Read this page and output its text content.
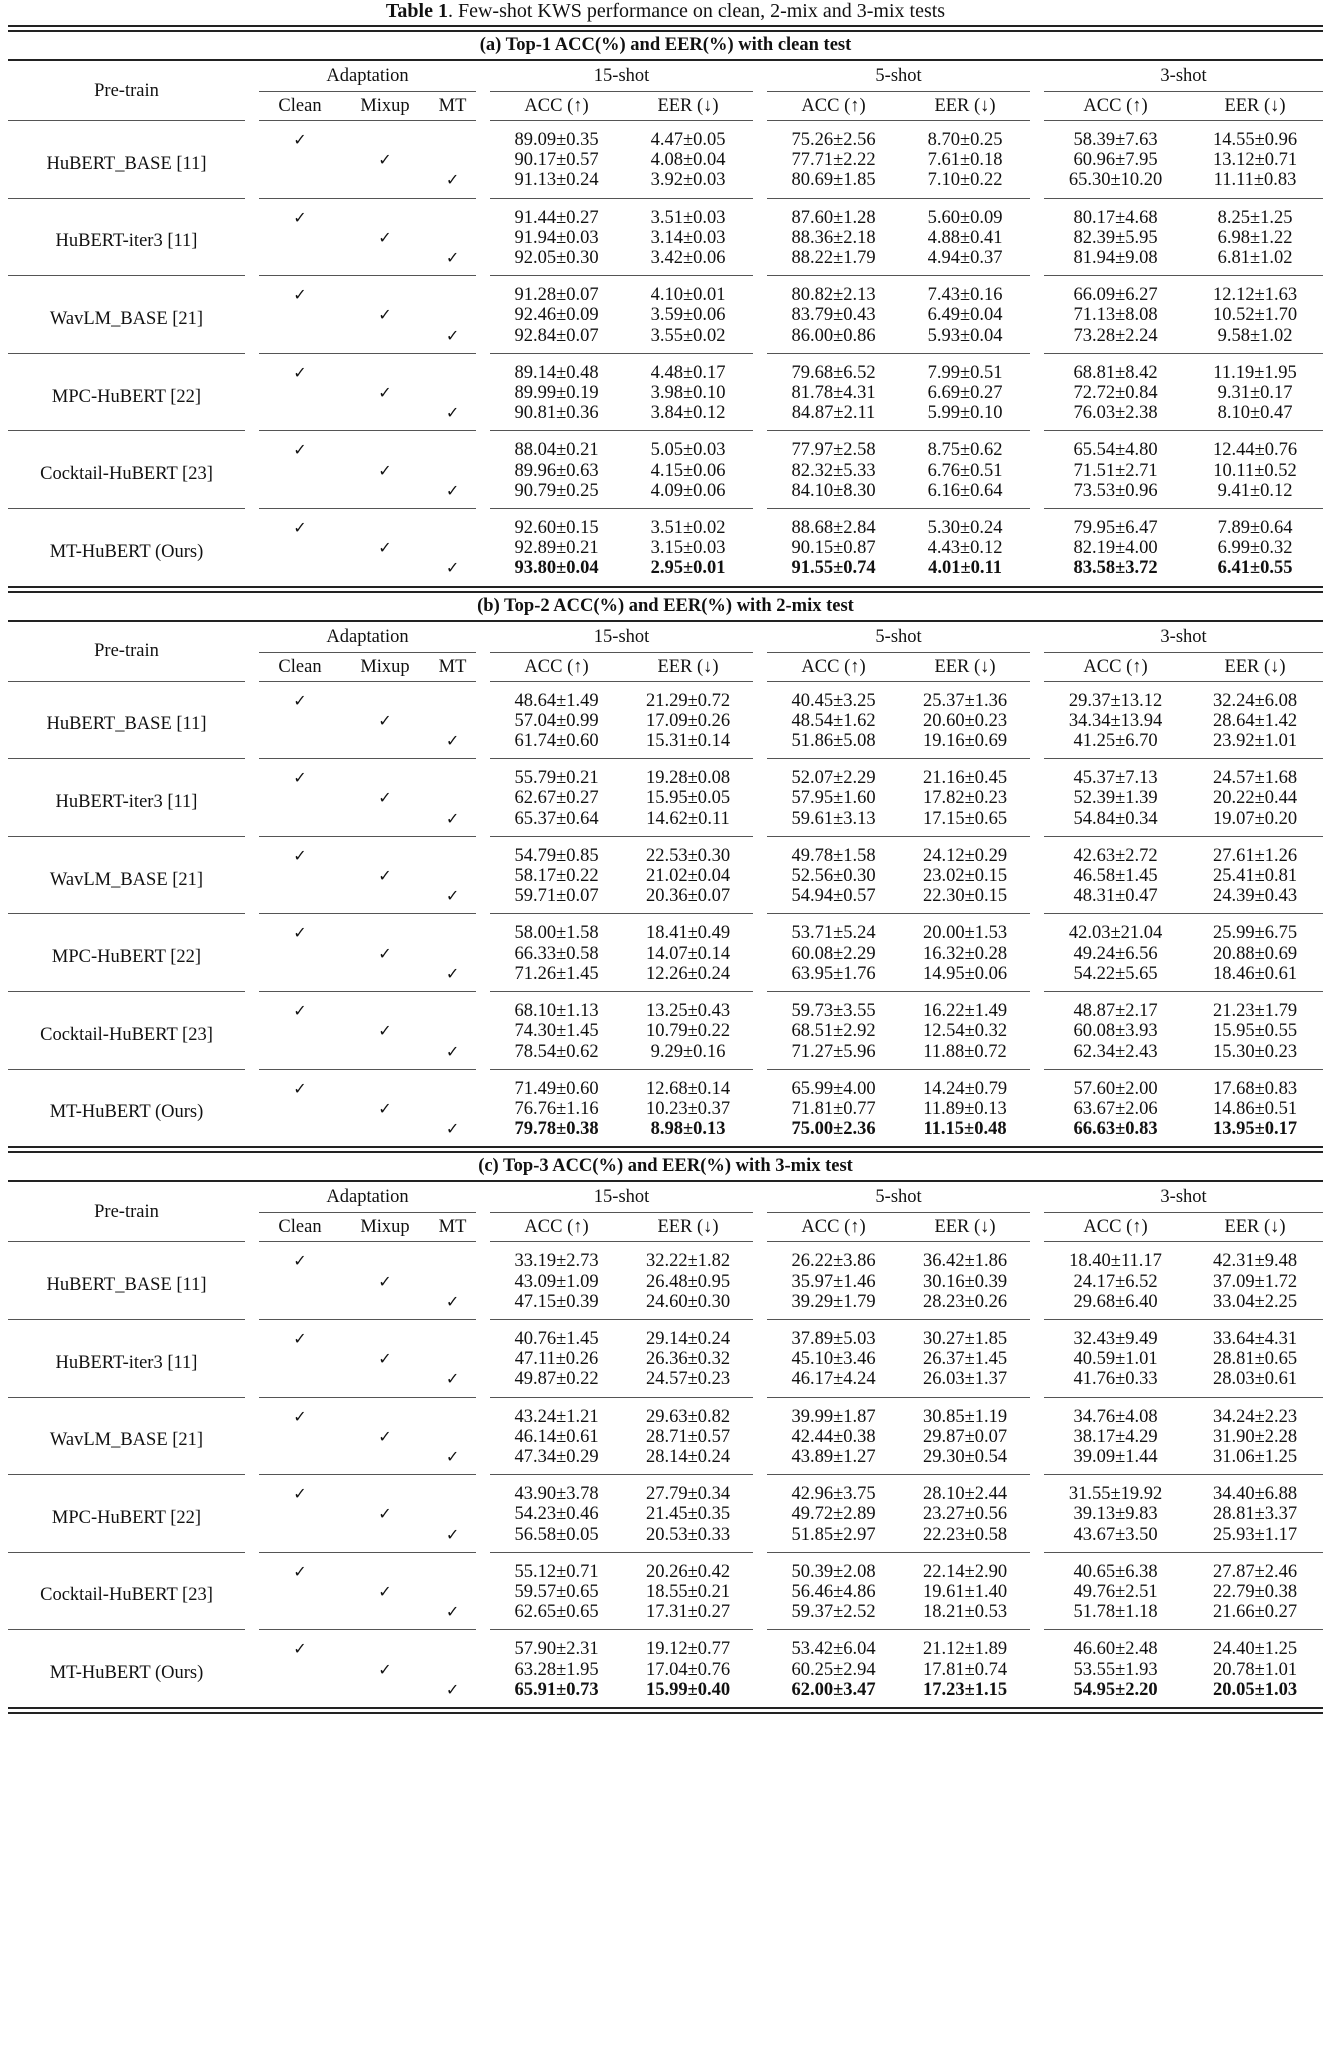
Table 1. Few-shot KWS performance on clean, 2-mix and 3-mix tests
(a) Top-1 ACC(%) and EER(%) with clean test
Pre-train		Adaptation				15-shot			5-shot			3-shot	
		Clean	Mixup	MT		ACC (↑)	EER (↓)		ACC (↑)	EER (↓)		ACC (↑)	EER (↓)

HuBERT_BASE [11]		✓				89.09±0.35	4.47±0.05		75.26±2.56	8.70±0.25		58.39±7.63	14.55±0.96
			✓			90.17±0.57	4.08±0.04		77.71±2.22	7.61±0.18		60.96±7.95	13.12±0.71
				✓		91.13±0.24	3.92±0.03		80.69±1.85	7.10±0.22		65.30±10.20	11.11±0.83

HuBERT-iter3 [11]		✓				91.44±0.27	3.51±0.03		87.60±1.28	5.60±0.09		80.17±4.68	8.25±1.25
			✓			91.94±0.03	3.14±0.03		88.36±2.18	4.88±0.41		82.39±5.95	6.98±1.22
				✓		92.05±0.30	3.42±0.06		88.22±1.79	4.94±0.37		81.94±9.08	6.81±1.02

WavLM_BASE [21]		✓				91.28±0.07	4.10±0.01		80.82±2.13	7.43±0.16		66.09±6.27	12.12±1.63
			✓			92.46±0.09	3.59±0.06		83.79±0.43	6.49±0.04		71.13±8.08	10.52±1.70
				✓		92.84±0.07	3.55±0.02		86.00±0.86	5.93±0.04		73.28±2.24	9.58±1.02

MPC-HuBERT [22]		✓				89.14±0.48	4.48±0.17		79.68±6.52	7.99±0.51		68.81±8.42	11.19±1.95
			✓			89.99±0.19	3.98±0.10		81.78±4.31	6.69±0.27		72.72±0.84	9.31±0.17
				✓		90.81±0.36	3.84±0.12		84.87±2.11	5.99±0.10		76.03±2.38	8.10±0.47

Cocktail-HuBERT [23]		✓				88.04±0.21	5.05±0.03		77.97±2.58	8.75±0.62		65.54±4.80	12.44±0.76
			✓			89.96±0.63	4.15±0.06		82.32±5.33	6.76±0.51		71.51±2.71	10.11±0.52
				✓		90.79±0.25	4.09±0.06		84.10±8.30	6.16±0.64		73.53±0.96	9.41±0.12

MT-HuBERT (Ours)		✓				92.60±0.15	3.51±0.02		88.68±2.84	5.30±0.24		79.95±6.47	7.89±0.64
			✓			92.89±0.21	3.15±0.03		90.15±0.87	4.43±0.12		82.19±4.00	6.99±0.32
				✓		93.80±0.04	2.95±0.01		91.55±0.74	4.01±0.11		83.58±3.72	6.41±0.55
(b) Top-2 ACC(%) and EER(%) with 2-mix test
Pre-train		Adaptation				15-shot			5-shot			3-shot	
		Clean	Mixup	MT		ACC (↑)	EER (↓)		ACC (↑)	EER (↓)		ACC (↑)	EER (↓)

HuBERT_BASE [11]		✓				48.64±1.49	21.29±0.72		40.45±3.25	25.37±1.36		29.37±13.12	32.24±6.08
			✓			57.04±0.99	17.09±0.26		48.54±1.62	20.60±0.23		34.34±13.94	28.64±1.42
				✓		61.74±0.60	15.31±0.14		51.86±5.08	19.16±0.69		41.25±6.70	23.92±1.01

HuBERT-iter3 [11]		✓				55.79±0.21	19.28±0.08		52.07±2.29	21.16±0.45		45.37±7.13	24.57±1.68
			✓			62.67±0.27	15.95±0.05		57.95±1.60	17.82±0.23		52.39±1.39	20.22±0.44
				✓		65.37±0.64	14.62±0.11		59.61±3.13	17.15±0.65		54.84±0.34	19.07±0.20

WavLM_BASE [21]		✓				54.79±0.85	22.53±0.30		49.78±1.58	24.12±0.29		42.63±2.72	27.61±1.26
			✓			58.17±0.22	21.02±0.04		52.56±0.30	23.02±0.15		46.58±1.45	25.41±0.81
				✓		59.71±0.07	20.36±0.07		54.94±0.57	22.30±0.15		48.31±0.47	24.39±0.43

MPC-HuBERT [22]		✓				58.00±1.58	18.41±0.49		53.71±5.24	20.00±1.53		42.03±21.04	25.99±6.75
			✓			66.33±0.58	14.07±0.14		60.08±2.29	16.32±0.28		49.24±6.56	20.88±0.69
				✓		71.26±1.45	12.26±0.24		63.95±1.76	14.95±0.06		54.22±5.65	18.46±0.61

Cocktail-HuBERT [23]		✓				68.10±1.13	13.25±0.43		59.73±3.55	16.22±1.49		48.87±2.17	21.23±1.79
			✓			74.30±1.45	10.79±0.22		68.51±2.92	12.54±0.32		60.08±3.93	15.95±0.55
				✓		78.54±0.62	9.29±0.16		71.27±5.96	11.88±0.72		62.34±2.43	15.30±0.23

MT-HuBERT (Ours)		✓				71.49±0.60	12.68±0.14		65.99±4.00	14.24±0.79		57.60±2.00	17.68±0.83
			✓			76.76±1.16	10.23±0.37		71.81±0.77	11.89±0.13		63.67±2.06	14.86±0.51
				✓		79.78±0.38	8.98±0.13		75.00±2.36	11.15±0.48		66.63±0.83	13.95±0.17
(c) Top-3 ACC(%) and EER(%) with 3-mix test
Pre-train		Adaptation				15-shot			5-shot			3-shot	
		Clean	Mixup	MT		ACC (↑)	EER (↓)		ACC (↑)	EER (↓)		ACC (↑)	EER (↓)

HuBERT_BASE [11]		✓				33.19±2.73	32.22±1.82		26.22±3.86	36.42±1.86		18.40±11.17	42.31±9.48
			✓			43.09±1.09	26.48±0.95		35.97±1.46	30.16±0.39		24.17±6.52	37.09±1.72
				✓		47.15±0.39	24.60±0.30		39.29±1.79	28.23±0.26		29.68±6.40	33.04±2.25

HuBERT-iter3 [11]		✓				40.76±1.45	29.14±0.24		37.89±5.03	30.27±1.85		32.43±9.49	33.64±4.31
			✓			47.11±0.26	26.36±0.32		45.10±3.46	26.37±1.45		40.59±1.01	28.81±0.65
				✓		49.87±0.22	24.57±0.23		46.17±4.24	26.03±1.37		41.76±0.33	28.03±0.61

WavLM_BASE [21]		✓				43.24±1.21	29.63±0.82		39.99±1.87	30.85±1.19		34.76±4.08	34.24±2.23
			✓			46.14±0.61	28.71±0.57		42.44±0.38	29.87±0.07		38.17±4.29	31.90±2.28
				✓		47.34±0.29	28.14±0.24		43.89±1.27	29.30±0.54		39.09±1.44	31.06±1.25

MPC-HuBERT [22]		✓				43.90±3.78	27.79±0.34		42.96±3.75	28.10±2.44		31.55±19.92	34.40±6.88
			✓			54.23±0.46	21.45±0.35		49.72±2.89	23.27±0.56		39.13±9.83	28.81±3.37
				✓		56.58±0.05	20.53±0.33		51.85±2.97	22.23±0.58		43.67±3.50	25.93±1.17

Cocktail-HuBERT [23]		✓				55.12±0.71	20.26±0.42		50.39±2.08	22.14±2.90		40.65±6.38	27.87±2.46
			✓			59.57±0.65	18.55±0.21		56.46±4.86	19.61±1.40		49.76±2.51	22.79±0.38
				✓		62.65±0.65	17.31±0.27		59.37±2.52	18.21±0.53		51.78±1.18	21.66±0.27

MT-HuBERT (Ours)		✓				57.90±2.31	19.12±0.77		53.42±6.04	21.12±1.89		46.60±2.48	24.40±1.25
			✓			63.28±1.95	17.04±0.76		60.25±2.94	17.81±0.74		53.55±1.93	20.78±1.01
				✓		65.91±0.73	15.99±0.40		62.00±3.47	17.23±1.15		54.95±2.20	20.05±1.03
